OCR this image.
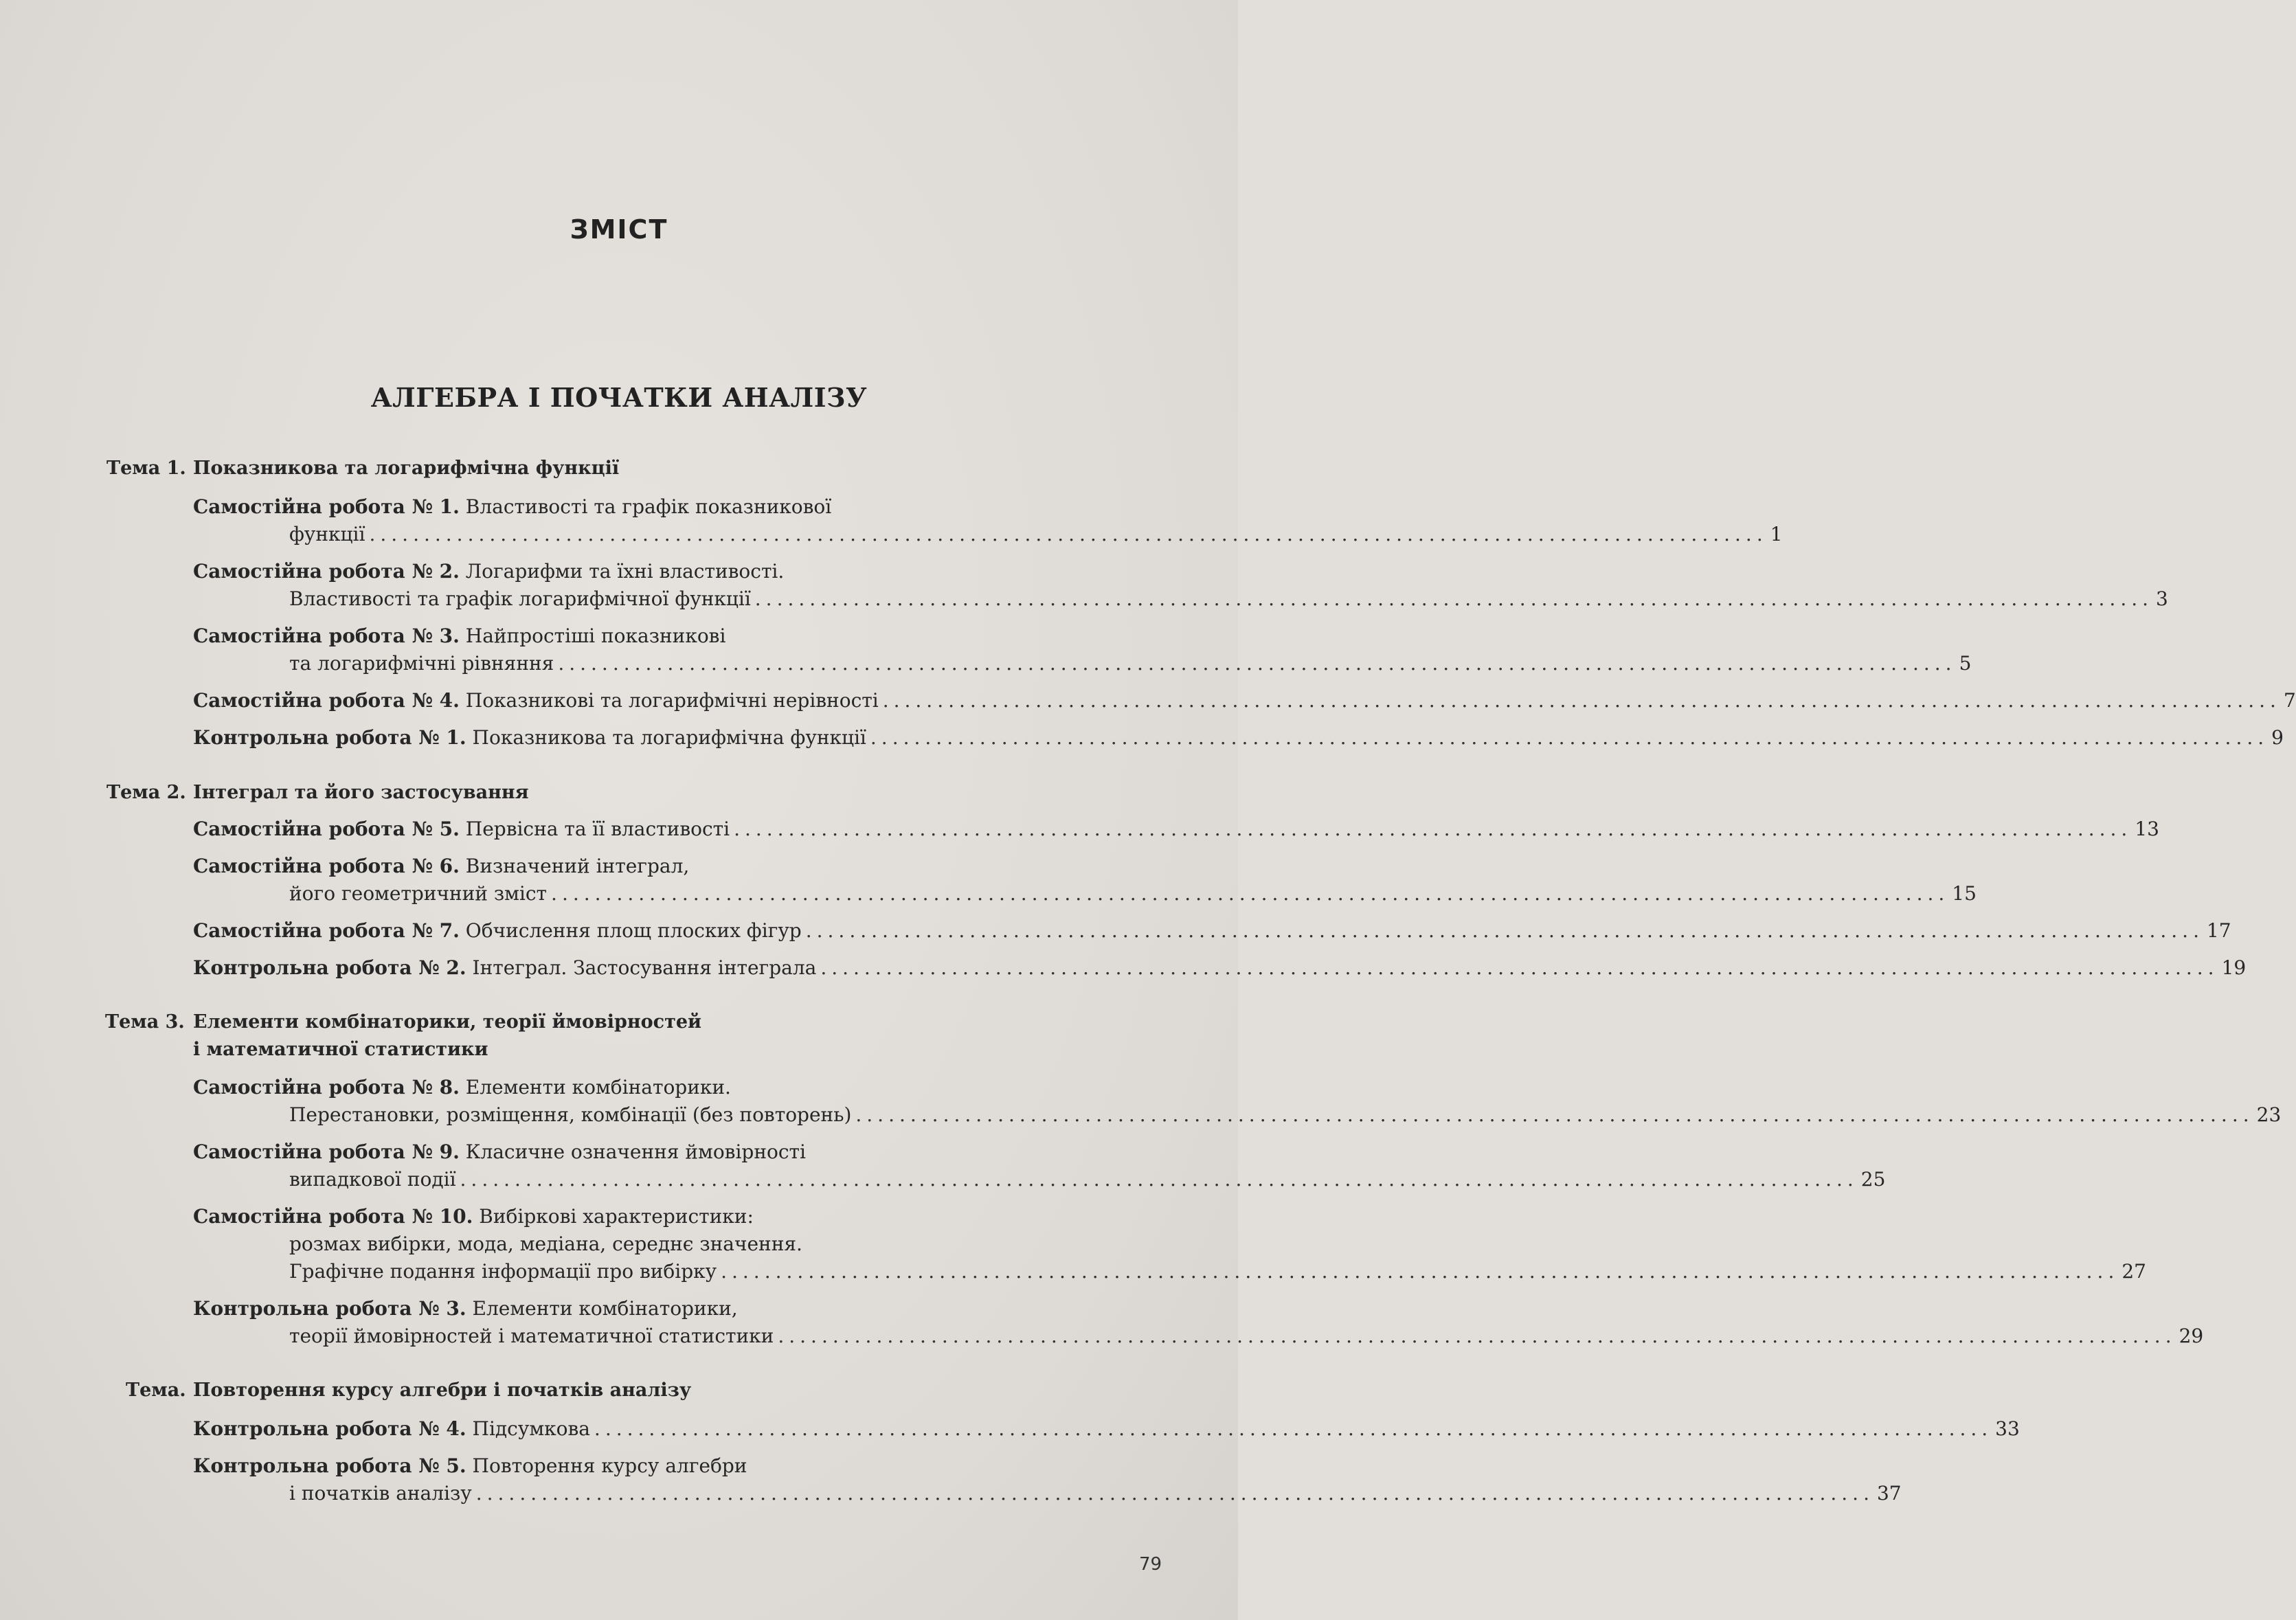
ЗМІСТ
АЛГЕБРА І ПОЧАТКИ АНАЛІЗУ
Тема 1. Показникова та логарифмічна функції
Самостійна робота № 1. Властивості та графік показникової
функції ................................................................................................................................ 1
Самостійна робота № 2. Логарифми та їхні властивості.
Властивості та графік логарифмічної функції ................................................................................................................................ 3
Самостійна робота № 3. Найпростіші показникові
та логарифмічні рівняння ................................................................................................................................ 5
Самостійна робота № 4. Показникові та логарифмічні нерівності ................................................................................................................................ 7
Контрольна робота № 1. Показникова та логарифмічна функції ................................................................................................................................ 9
Тема 2. Інтеграл та його застосування
Самостійна робота № 5. Первісна та її властивості ................................................................................................................................ 13
Самостійна робота № 6. Визначений інтеграл,
його геометричний зміст ................................................................................................................................ 15
Самостійна робота № 7. Обчислення площ плоских фігур ................................................................................................................................ 17
Контрольна робота № 2. Інтеграл. Застосування інтеграла ................................................................................................................................ 19
Тема 3. Елементи комбінаторики, теорії ймовірностей
і математичної статистики
Самостійна робота № 8. Елементи комбінаторики.
Перестановки, розміщення, комбінації (без повторень) ................................................................................................................................ 23
Самостійна робота № 9. Класичне означення ймовірності
випадкової події ................................................................................................................................ 25
Самостійна робота № 10. Вибіркові характеристики:
розмах вибірки, мода, медіана, середнє значення.
Графічне подання інформації про вибірку ................................................................................................................................ 27
Контрольна робота № 3. Елементи комбінаторики,
теорії ймовірностей і математичної статистики ................................................................................................................................ 29
Тема. Повторення курсу алгебри і початків аналізу
Контрольна робота № 4. Підсумкова ................................................................................................................................ 33
Контрольна робота № 5. Повторення курсу алгебри
і початків аналізу ................................................................................................................................ 37
79
